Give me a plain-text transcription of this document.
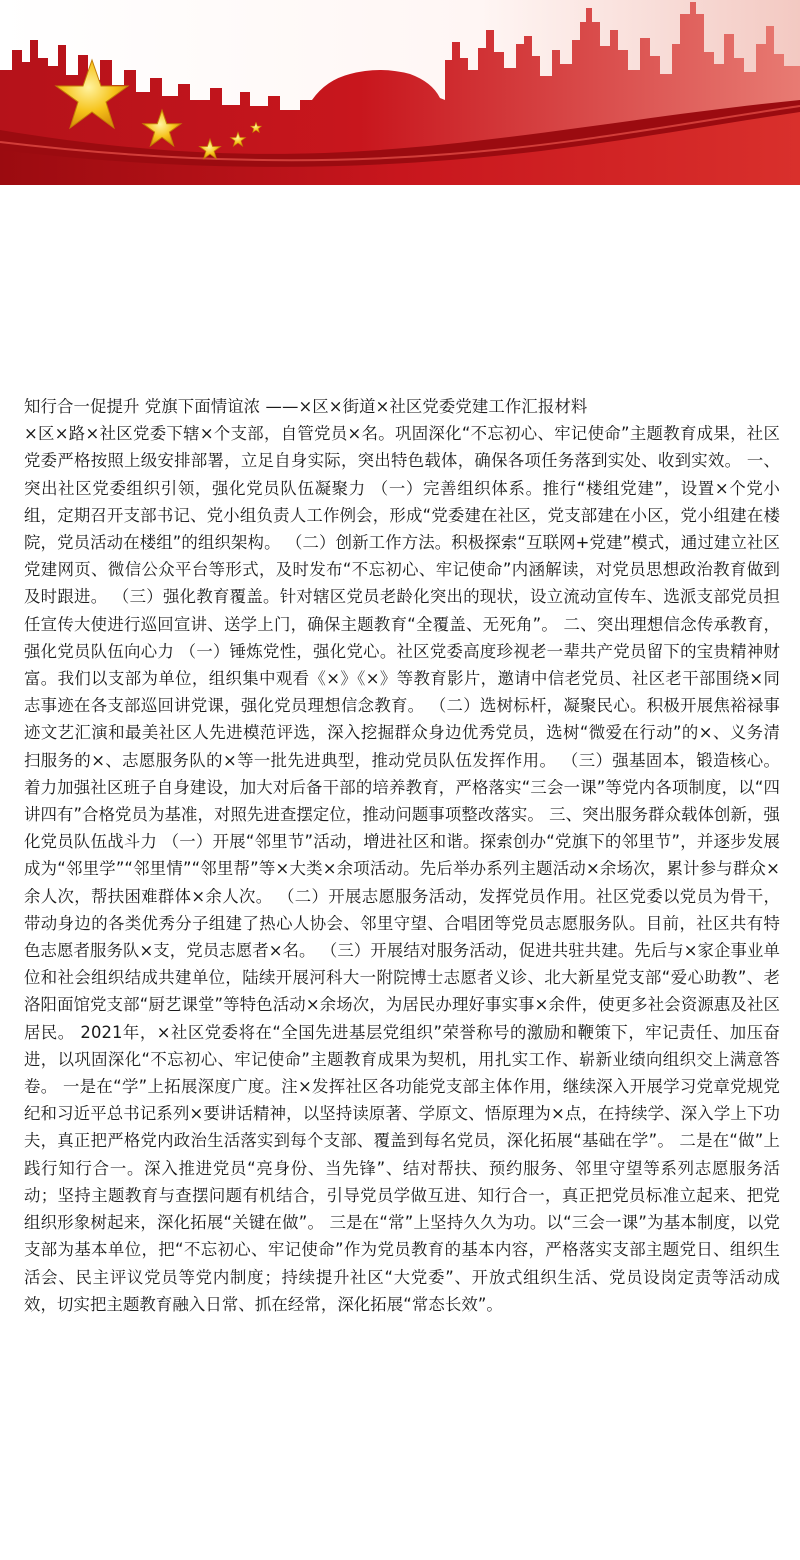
知行合一促提升 党旗下面情谊浓 ——×区×街道×社区党委党建工作汇报材料
×区×路×社区党委下辖×个支部，自管党员×名。巩固深化“不忘初心、牢记使命”主题教育成果，社区党委严格按照上级安排部署，立足自身实际，突出特色载体，确保各项任务落到实处、收到实效。 一、突出社区党委组织引领，强化党员队伍凝聚力 （一）完善组织体系。推行“楼组党建”，设置×个党小组，定期召开支部书记、党小组负责人工作例会，形成“党委建在社区，党支部建在小区，党小组建在楼院，党员活动在楼组”的组织架构。 （二）创新工作方法。积极探索“互联网+党建”模式，通过建立社区党建网页、微信公众平台等形式，及时发布“不忘初心、牢记使命”内涵解读，对党员思想政治教育做到及时跟进。 （三）强化教育覆盖。针对辖区党员老龄化突出的现状，设立流动宣传车、选派支部党员担任宣传大使进行巡回宣讲、送学上门，确保主题教育“全覆盖、无死角”。 二、突出理想信念传承教育，强化党员队伍向心力 （一）锤炼党性，强化党心。社区党委高度珍视老一辈共产党员留下的宝贵精神财富。我们以支部为单位，组织集中观看《×》《×》等教育影片，邀请中信老党员、社区老干部围绕×同志事迹在各支部巡回讲党课，强化党员理想信念教育。 （二）选树标杆，凝聚民心。积极开展焦裕禄事迹文艺汇演和最美社区人先进模范评选，深入挖掘群众身边优秀党员，选树“微爱在行动”的×、义务清扫服务的×、志愿服务队的×等一批先进典型，推动党员队伍发挥作用。 （三）强基固本，锻造核心。着力加强社区班子自身建设，加大对后备干部的培养教育，严格落实“三会一课”等党内各项制度，以“四讲四有”合格党员为基准，对照先进查摆定位，推动问题事项整改落实。 三、突出服务群众载体创新，强化党员队伍战斗力 （一）开展“邻里节”活动，增进社区和谐。探索创办“党旗下的邻里节”，并逐步发展成为“邻里学”“邻里情”“邻里帮”等×大类×余项活动。先后举办系列主题活动×余场次，累计参与群众×余人次，帮扶困难群体×余人次。 （二）开展志愿服务活动，发挥党员作用。社区党委以党员为骨干，带动身边的各类优秀分子组建了热心人协会、邻里守望、合唱团等党员志愿服务队。目前，社区共有特色志愿者服务队×支，党员志愿者×名。 （三）开展结对服务活动，促进共驻共建。先后与×家企事业单位和社会组织结成共建单位，陆续开展河科大一附院博士志愿者义诊、北大新星党支部“爱心助教”、老洛阳面馆党支部“厨艺课堂”等特色活动×余场次，为居民办理好事实事×余件，使更多社会资源惠及社区居民。 2021年，×社区党委将在“全国先进基层党组织”荣誉称号的激励和鞭策下，牢记责任、加压奋进，以巩固深化“不忘初心、牢记使命”主题教育成果为契机，用扎实工作、崭新业绩向组织交上满意答卷。 一是在“学”上拓展深度广度。注×发挥社区各功能党支部主体作用，继续深入开展学习党章党规党纪和习近平总书记系列×要讲话精神，以坚持读原著、学原文、悟原理为×点，在持续学、深入学上下功夫，真正把严格党内政治生活落实到每个支部、覆盖到每名党员，深化拓展“基础在学”。 二是在“做”上践行知行合一。深入推进党员“亮身份、当先锋”、结对帮扶、预约服务、邻里守望等系列志愿服务活动；坚持主题教育与查摆问题有机结合，引导党员学做互进、知行合一，真正把党员标准立起来、把党组织形象树起来，深化拓展“关键在做”。 三是在“常”上坚持久久为功。以“三会一课”为基本制度，以党支部为基本单位，把“不忘初心、牢记使命”作为党员教育的基本内容，严格落实支部主题党日、组织生活会、民主评议党员等党内制度；持续提升社区“大党委”、开放式组织生活、党员设岗定责等活动成效，切实把主题教育融入日常、抓在经常，深化拓展“常态长效”。
